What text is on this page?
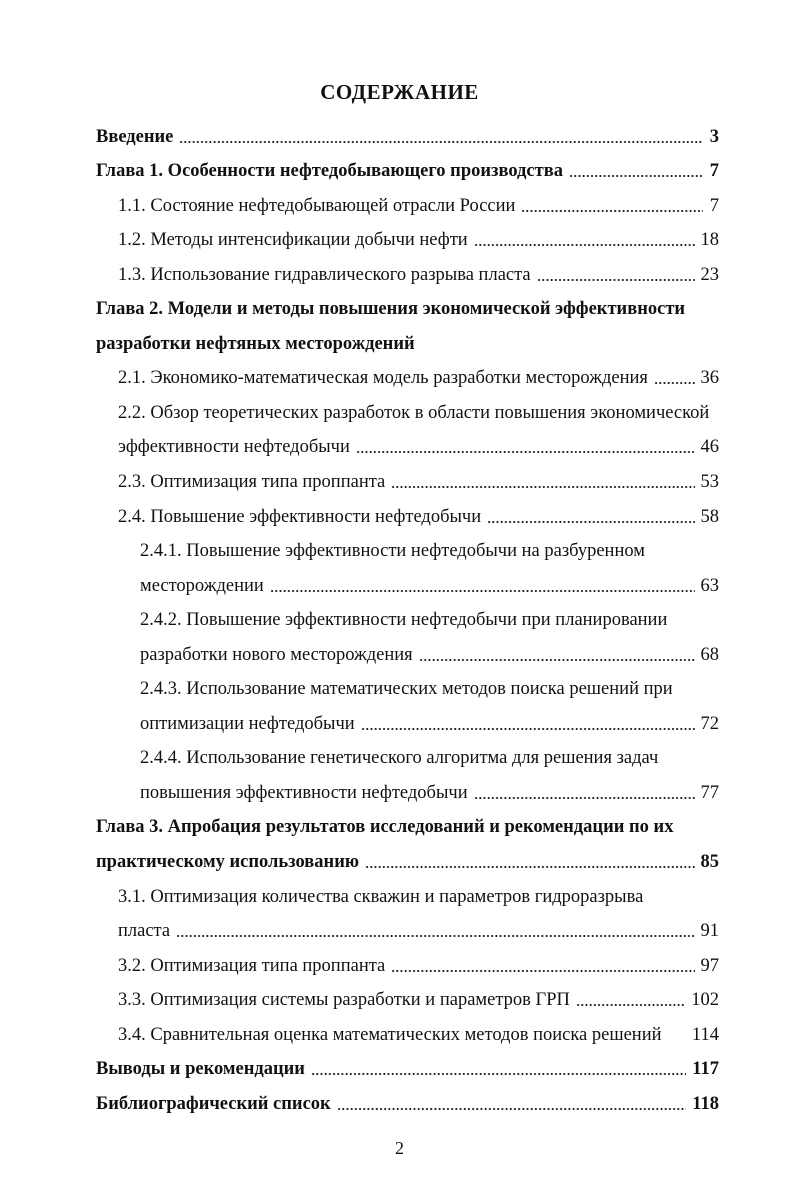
СОДЕРЖАНИЕ
Введение	3
Глава 1. Особенности нефтедобывающего производства	7
1.1. Состояние нефтедобывающей отрасли России	7
1.2. Методы интенсификации добычи нефти	18
1.3. Использование гидравлического разрыва пласта	23
Глава 2. Модели и методы повышения экономической эффективности
разработки нефтяных месторождений
2.1. Экономико-математическая модель разработки месторождения	36
2.2. Обзор теоретических разработок в области повышения экономической
эффективности нефтедобычи	46
2.3. Оптимизация типа проппанта	53
2.4. Повышение эффективности нефтедобычи	58
2.4.1. Повышение эффективности нефтедобычи на разбуренном
месторождении	63
2.4.2. Повышение эффективности нефтедобычи при планировании
разработки нового месторождения	68
2.4.3. Использование математических методов поиска решений при
оптимизации нефтедобычи	72
2.4.4. Использование генетического алгоритма для решения задач
повышения эффективности нефтедобычи	77
Глава 3. Апробация результатов исследований и рекомендации по их
практическому использованию	85
3.1. Оптимизация количества скважин и параметров гидроразрыва
пласта	91
3.2. Оптимизация типа проппанта	97
3.3. Оптимизация системы разработки и параметров ГРП	102
3.4. Сравнительная оценка математических методов поиска решений 114
Выводы и рекомендации	117
Библиографический список	118
2
